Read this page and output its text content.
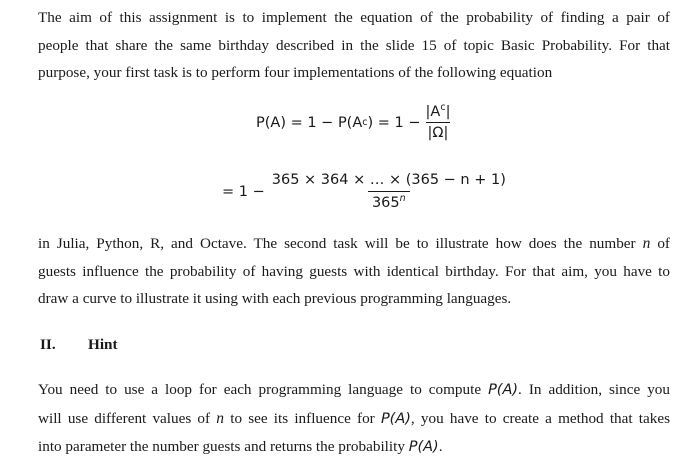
The aim of this assignment is to implement the equation of the probability of finding a pair of
people that share the same birthday described in the slide 15 of topic Basic Probability. For that
purpose, your first task is to perform four implementations of the following equation
P(A) = 1 − P(A c ) = $1 - \frac{|A^c|}{|\Omega|}$
= $1 - \frac{365 \times 364 \times \dots \times (365 - n + 1)}{365^n}$
in Julia, Python, R, and Octave. The second task will be to illustrate how does the number n of
guests influence the probability of having guests with identical birthday. For that aim, you have to
draw a curve to illustrate it using with each previous programming languages.
II. Hint
You need to use a loop for each programming language to compute P(A). In addition, since you
will use different values of n to see its influence for P(A), you have to create a method that takes
into parameter the number guests and returns the probability P(A).
